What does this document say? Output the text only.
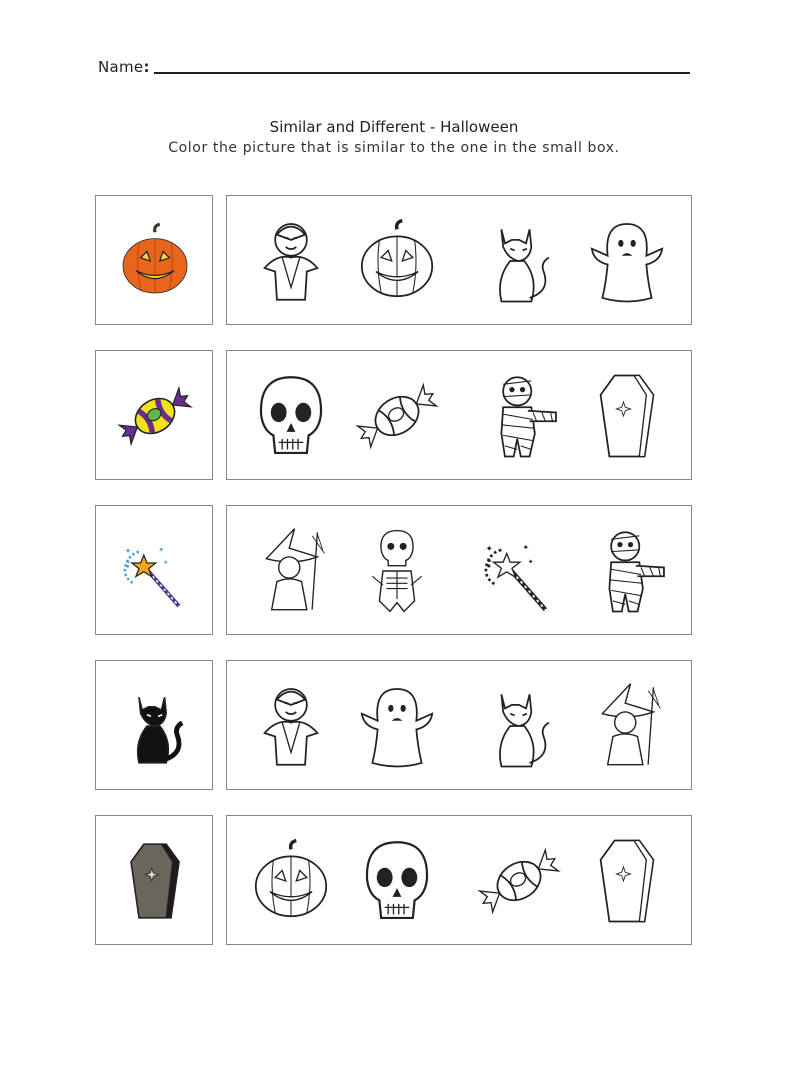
Name :
Similar and Different - Halloween
Color the picture that is similar to the one in the small box.
✦	✦
✦
✦	✦
✦
